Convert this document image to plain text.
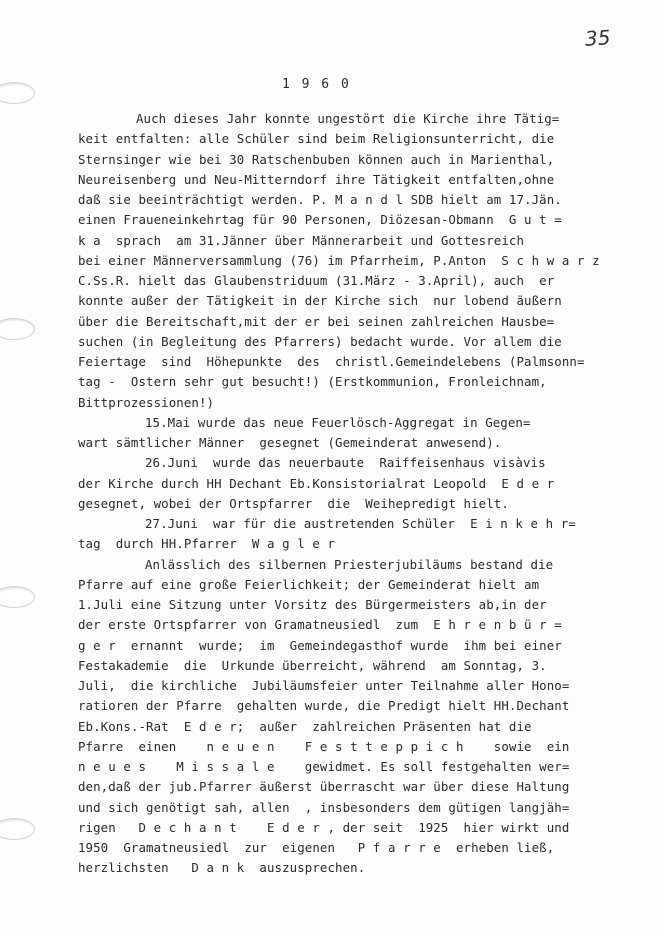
35
1 9 6 0
Auch dieses Jahr konnte ungestört die Kirche ihre Tätig=
keit entfalten: alle Schüler sind beim Religionsunterricht, die
Sternsinger wie bei 30 Ratschenbuben können auch in Marienthal,
Neureisenberg und Neu-Mitterndorf ihre Tätigkeit entfalten,ohne
daß sie beeinträchtigt werden. P. M a n d l SDB hielt am 17.Jän.
einen Fraueneinkehrtag für 90 Personen, Diözesan-Obmann  G u t =
k a  sprach  am 31.Jänner über Männerarbeit und Gottesreich
bei einer Männerversammlung (76) im Pfarrheim, P.Anton  S c h w a r z
C.Ss.R. hielt das Glaubenstriduum (31.März - 3.April), auch  er
konnte außer der Tätigkeit in der Kirche sich  nur lobend äußern
über die Bereitschaft,mit der er bei seinen zahlreichen Hausbe=
suchen (in Begleitung des Pfarrers) bedacht wurde. Vor allem die
Feiertage  sind  Höhepunkte  des  christl.Gemeindelebens (Palmsonn=
tag -  Ostern sehr gut besucht!) (Erstkommunion, Fronleichnam,
Bittprozessionen!)
15.Mai wurde das neue Feuerlösch-Aggregat in Gegen=
wart sämtlicher Männer  gesegnet (Gemeinderat anwesend).
26.Juni  wurde das neuerbaute  Raiffeisenhaus visàvis
der Kirche durch HH Dechant Eb.Konsistorialrat Leopold  E d e r
gesegnet, wobei der Ortspfarrer  die  Weihepredigt hielt.
27.Juni  war für die austretenden Schüler  E i n k e h r=
tag  durch HH.Pfarrer  W a g l e r
Anlässlich des silbernen Priesterjubiläums bestand die
Pfarre auf eine große Feierlichkeit; der Gemeinderat hielt am
1.Juli eine Sitzung unter Vorsitz des Bürgermeisters ab,in der
der erste Ortspfarrer von Gramatneusiedl  zum  E h r e n b ü r =
g e r  ernannt  wurde;  im  Gemeindegasthof wurde  ihm bei einer
Festakademie  die  Urkunde überreicht, während  am Sonntag, 3.
Juli,  die kirchliche  Jubiläumsfeier unter Teilnahme aller Hono=
ratioren der Pfarre  gehalten wurde, die Predigt hielt HH.Dechant
Eb.Kons.-Rat  E d e r;  außer  zahlreichen Präsenten hat die
Pfarre  einen    n e u e n    F e s t t e p p i c h    sowie  ein
n e u e s    M i s s a l e    gewidmet. Es soll festgehalten wer=
den,daß der jub.Pfarrer äußerst überrascht war über diese Haltung
und sich genötigt sah, allen  , insbesonders dem gütigen langjäh=
rigen   D e c h a n t    E d e r , der seit  1925  hier wirkt und
1950  Gramatneusiedl  zur  eigenen   P f a r r e  erheben ließ,
herzlichsten   D a n k  auszusprechen.
